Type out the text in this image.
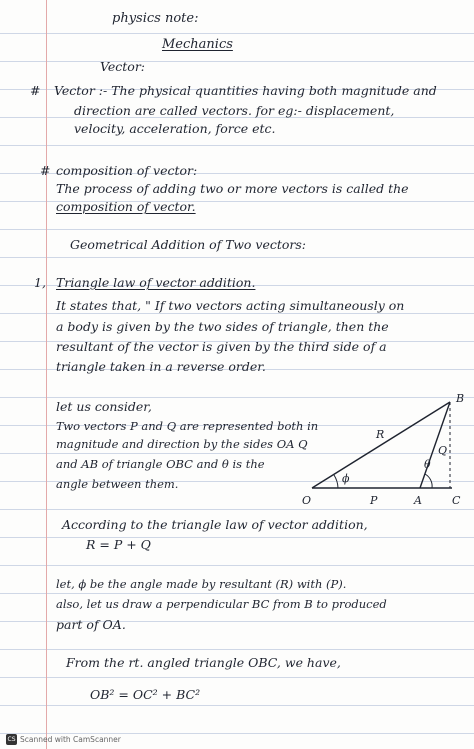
physics note:
Mechanics
Vector:
# Vector :- The physical quantities having both magnitude and
direction are called vectors. for eg:- displacement,
velocity, acceleration, force etc.
# composition of vector:
The process of adding two or more vectors is called the
composition of vector.
Geometrical Addition of Two vectors:
1, Triangle law of vector addition.
It states that, " If two vectors acting simultaneously on
a body is given by the two sides of triangle, then the
resultant of the vector is given by the third side of a
triangle taken in a reverse order.
let us consider,
Two vectors P and Q are represented both in
magnitude and direction by the sides OA Q
and AB of triangle OBC and θ is the
angle between them.
B
O	A	C
P
Q
R
ϕ
θ
According to the triangle law of vector addition,
R = P + Q
let, ϕ be the angle made by resultant (R) with (P).
also, let us draw a perpendicular BC from B to produced
part of OA.
From the rt. angled triangle OBC, we have,
OB² = OC² + BC²
CS Scanned with CamScanner
